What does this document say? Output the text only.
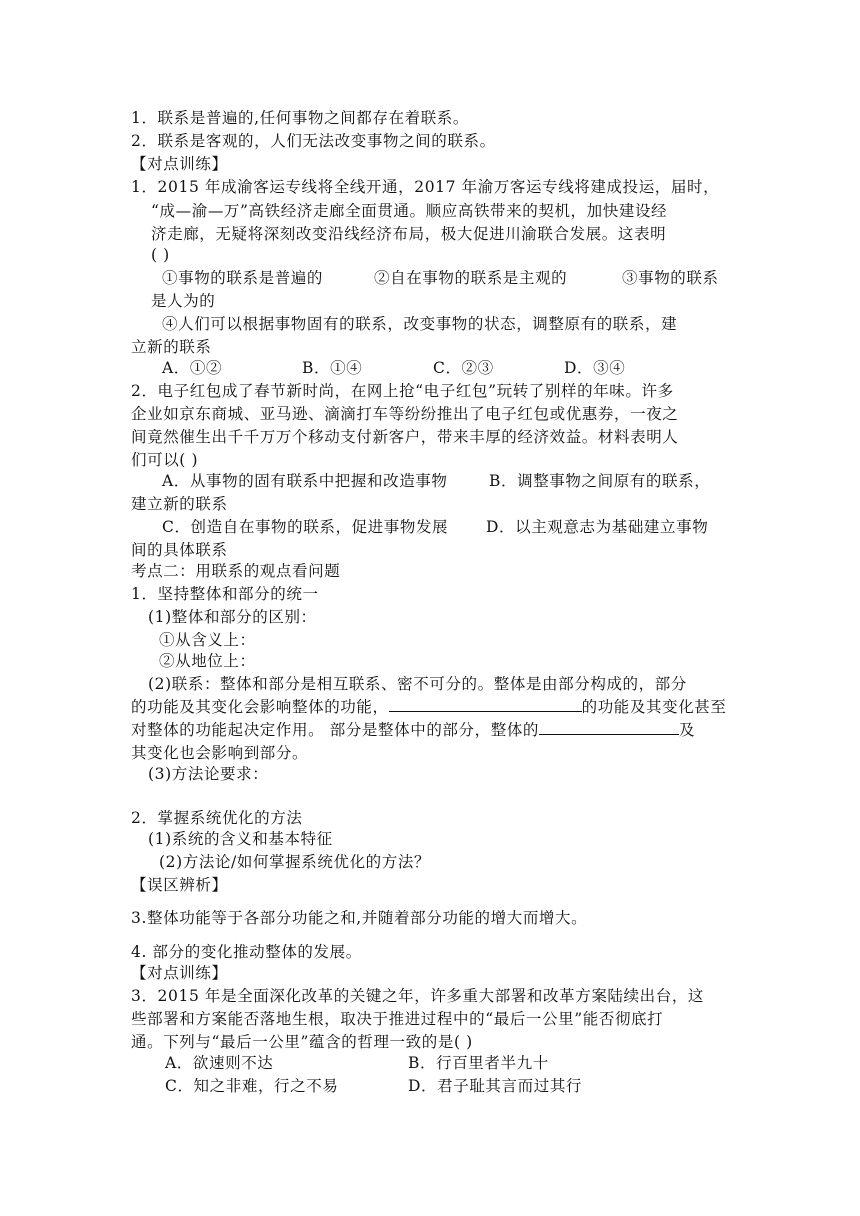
1．联系是普遍的,任何事物之间都存在着联系。
2．联系是客观的，人们无法改变事物之间的联系。
【对点训练】
1．2015 年成渝客运专线将全线开通，2017 年渝万客运专线将建成投运，届时，
“成—渝—万”高铁经济走廊全面贯通。顺应高铁带来的契机，加快建设经
济走廊，无疑将深刻改变沿线经济布局，极大促进川渝联合发展。这表明
( )
①事物的联系是普遍的	②自在事物的联系是主观的	③事物的联系
是人为的
④人们可以根据事物固有的联系，改变事物的状态，调整原有的联系，建
立新的联系
A．①②	B．①④	C．②③	D．③④
2．电子红包成了春节新时尚，在网上抢“电子红包”玩转了别样的年味。许多
企业如京东商城、亚马逊、滴滴打车等纷纷推出了电子红包或优惠券，一夜之
间竟然催生出千千万万个移动支付新客户，带来丰厚的经济效益。材料表明人
们可以( )
A．从事物的固有联系中把握和改造事物	B．调整事物之间原有的联系，
建立新的联系
C．创造自在事物的联系，促进事物发展 D．以主观意志为基础建立事物
间的具体联系
考点二：用联系的观点看问题
1．坚持整体和部分的统一
(1)整体和部分的区别：
①从含义上：
②从地位上：
(2)联系：整体和部分是相互联系、密不可分的。整体是由部分构成的，部分
的功能及其变化会影响整体的功能，	的功能及其变化甚至
对整体的功能起决定作用。 部分是整体中的部分，整体的	及
其变化也会影响到部分。
(3)方法论要求：
2．掌握系统优化的方法
(1)系统的含义和基本特征
(2)方法论/如何掌握系统优化的方法？
【误区辨析】
3.整体功能等于各部分功能之和,并随着部分功能的增大而增大。
4. 部分的变化推动整体的发展。
【对点训练】
3．2015 年是全面深化改革的关键之年，许多重大部署和改革方案陆续出台，这
些部署和方案能否落地生根，取决于推进过程中的“最后一公里”能否彻底打
通。下列与“最后一公里”蕴含的哲理一致的是( )
A．欲速则不达	B．行百里者半九十
C．知之非难，行之不易	D．君子耻其言而过其行
